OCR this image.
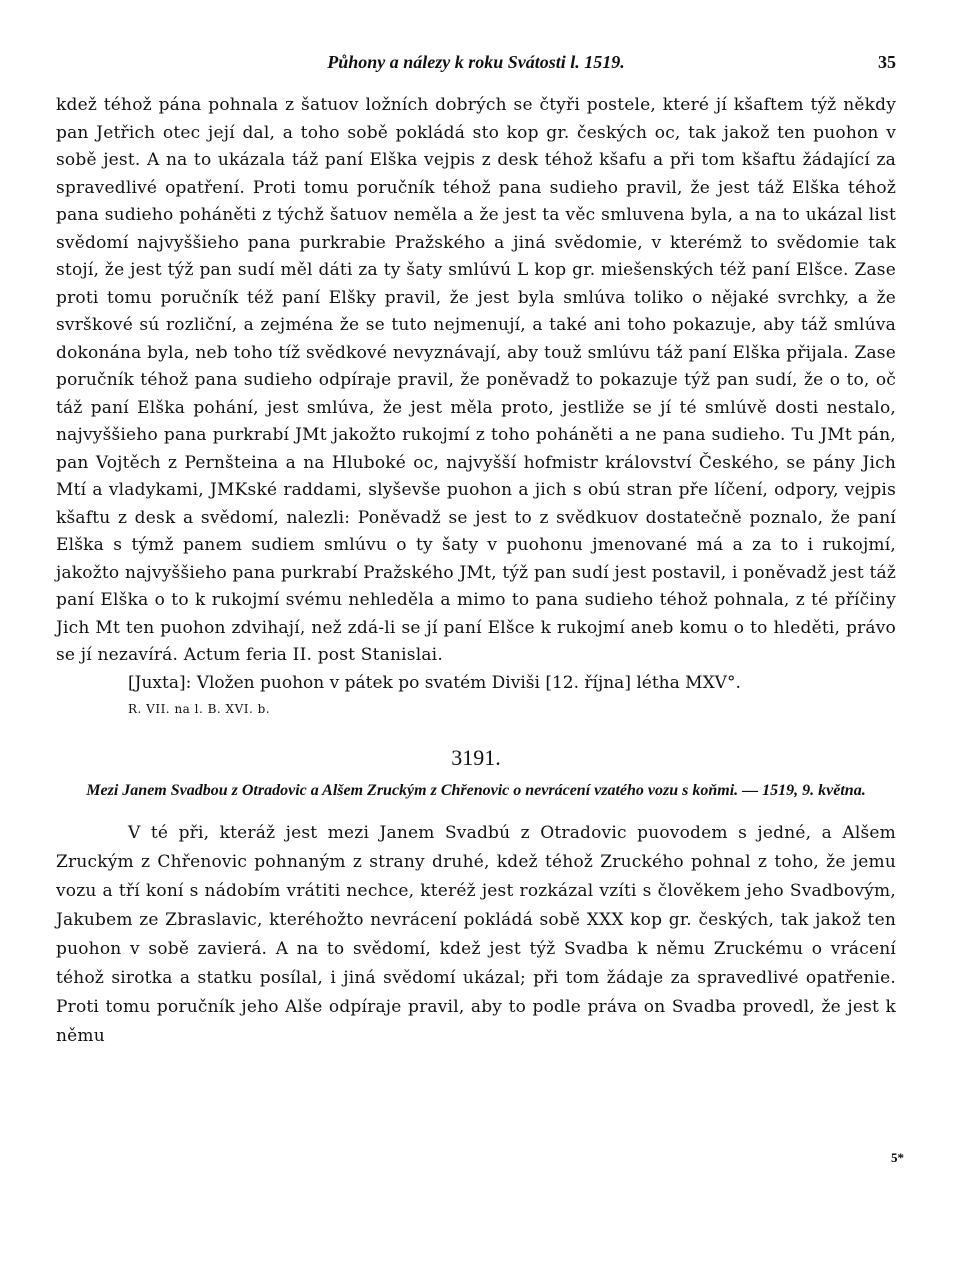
Půhony a nálezy k roku Svátosti l. 1519.	35

kdež téhož pána pohnala z šatuov ložních dobrých se čtyři postele, které jí kšaftem týž někdy pan Jetřich otec její dal, a toho sobě pokládá sto kop gr. českých oc, tak jakož ten puohon v sobě jest. A na to ukázala táž paní Elška vejpis z desk téhož kšafu a při tom kšaftu žádající za spravedlivé opatření. Proti tomu poručník téhož pana sudieho pravil, že jest táž Elška téhož pana sudieho poháněti z týchž šatuov neměla a že jest ta věc smluvena byla, a na to ukázal list svědomí najvyššieho pana purkrabie Pražského a jiná svědomie, v kterémž to svědomie tak stojí, že jest týž pan sudí měl dáti za ty šaty smlúvú L kop gr. miešenských též paní Elšce. Zase proti tomu poručník též paní Elšky pravil, že jest byla smlúva toliko o nějaké svrchky, a že svrškové sú rozliční, a zejména že se tuto nejmenují, a také ani toho pokazuje, aby táž smlúva dokonána byla, neb toho tíž svědkové nevyznávají, aby touž smlúvu táž paní Elška přijala. Zase poručník téhož pana sudieho odpíraje pravil, že poněvadž to pokazuje týž pan sudí, že o to, oč táž paní Elška pohání, jest smlúva, že jest měla proto, jestliže se jí té smlúvě dosti nestalo, najvyššieho pana purkrabí JMt jakožto rukojmí z toho poháněti a ne pana sudieho. Tu JMt pán, pan Vojtěch z Pernšteina a na Hluboké oc, najvyšší hofmistr království Českého, se pány Jich Mtí a vladykami, JMKské raddami, slyševše puohon a jich s obú stran pře líčení, odpory, vejpis kšaftu z desk a svědomí, nalezli: Poněvadž se jest to z svědkuov dostatečně poznalo, že paní Elška s týmž panem sudiem smlúvu o ty šaty v puohonu jmenované má a za to i rukojmí, jakožto najvyššieho pana purkrabí Pražského JMt, týž pan sudí jest postavil, i poněvadž jest táž paní Elška o to k rukojmí svému nehleděla a mimo to pana sudieho téhož pohnala, z té příčiny Jich Mt ten puohon zdvihají, než zdá-li se jí paní Elšce k rukojmí aneb komu o to hleděti, právo se jí nezavírá. Actum feria II. post Stanislai.

[Juxta]: Vložen puohon v pátek po svatém Diviši [12. října] létha MXV°.

R. VII. na l. B. XVI. b.
3191.
Mezi Janem Svadbou z Otradovic a Alšem Zruckým z Chřenovic o nevrácení vzatého vozu s koňmi. — 1519, 9. května.

V té při, kteráž jest mezi Janem Svadbú z Otradovic puovodem s jedné, a Alšem Zruckým z Chřenovic pohnaným z strany druhé, kdež téhož Zruckého pohnal z toho, že jemu vozu a tří koní s nádobím vrátiti nechce, kteréž jest rozkázal vzíti s člověkem jeho Svadbovým, Jakubem ze Zbraslavic, kteréhožto nevrácení pokládá sobě XXX kop gr. českých, tak jakož ten puohon v sobě zavierá. A na to svědomí, kdež jest týž Svadba k němu Zruckému o vrácení téhož sirotka a statku posílal, i jiná svědomí ukázal; při tom žádaje za spravedlivé opatřenie. Proti tomu poručník jeho Alše odpíraje pravil, aby to podle práva on Svadba provedl, že jest k němu

5*
